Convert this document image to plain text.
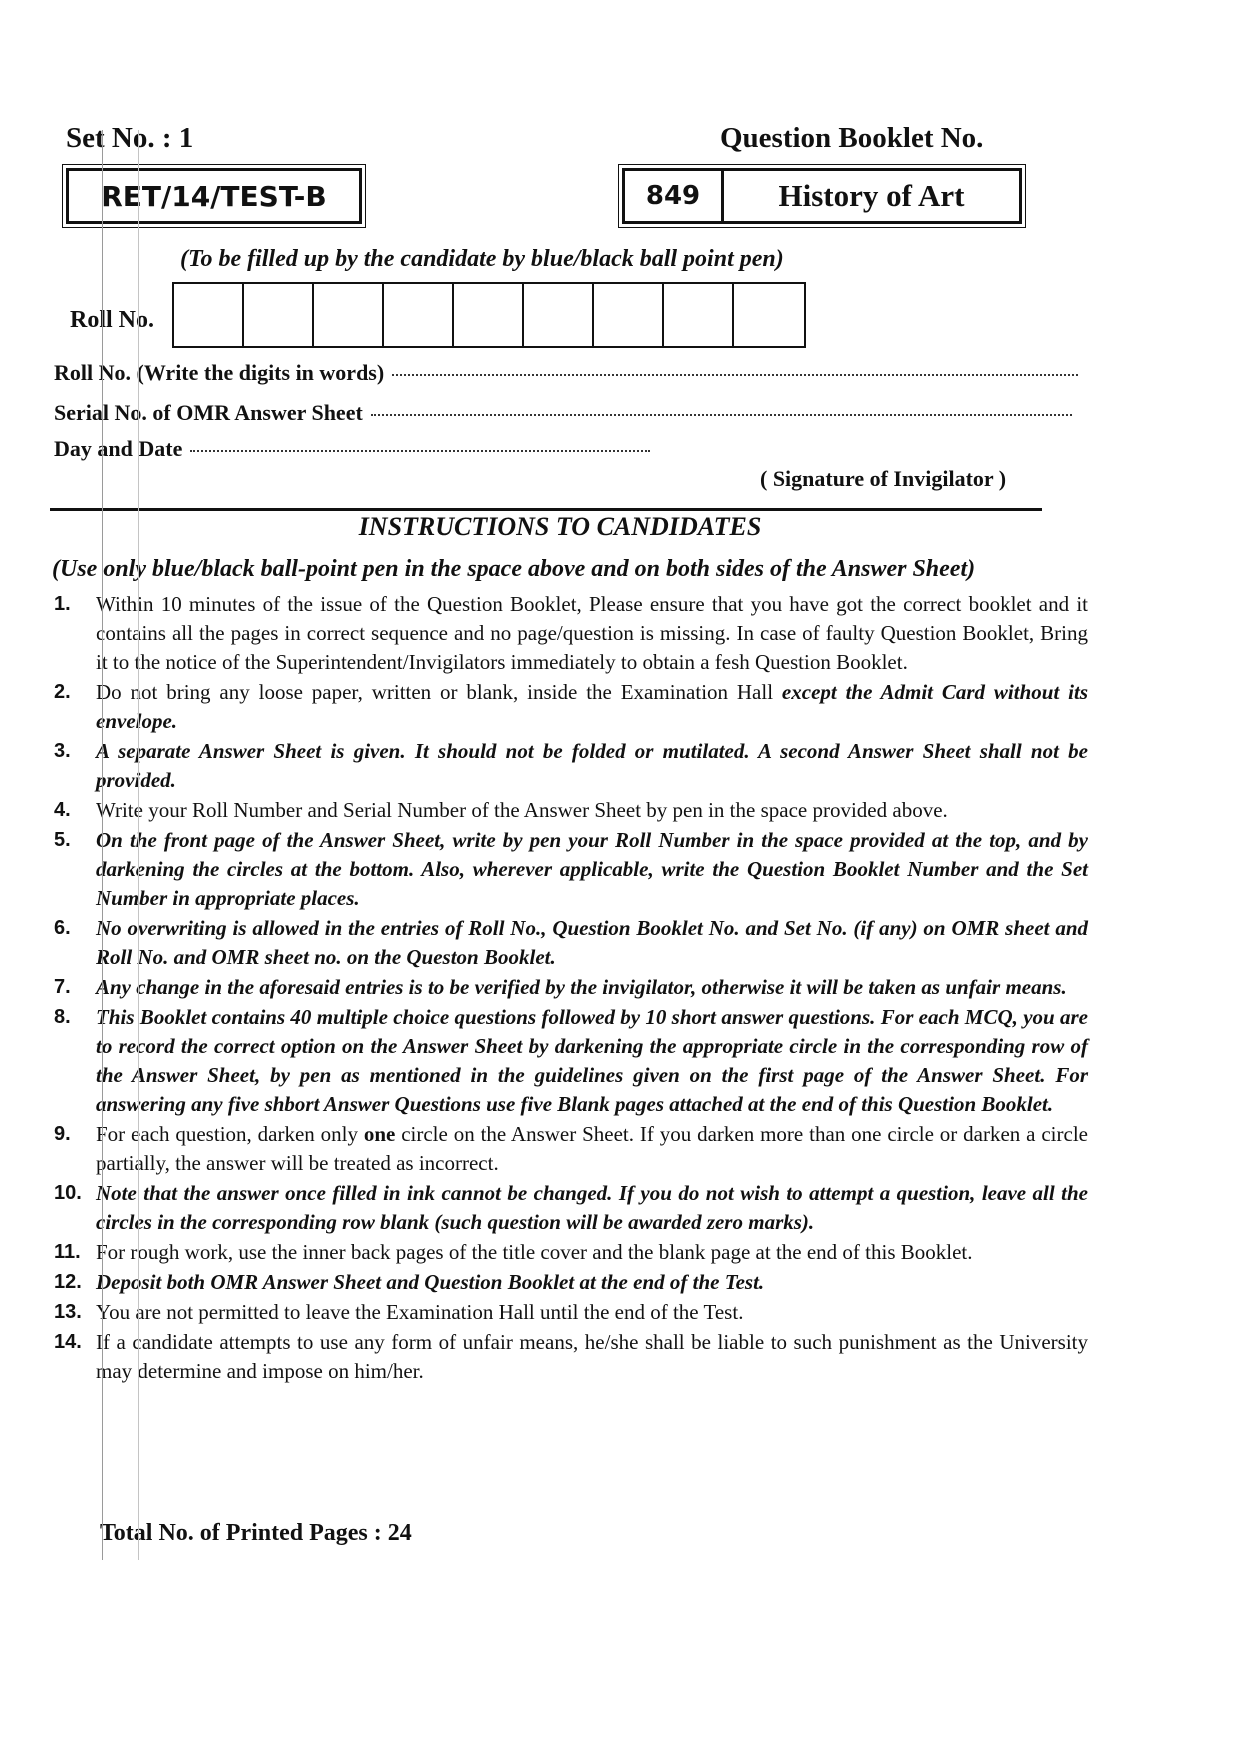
Set No. : 1	Question Booklet No.
RET/14/TEST-B	849	History of Art
(To be filled up by the candidate by blue/black ball point pen)
Roll No.
Roll No. (Write the digits in words)
Serial No. of OMR Answer Sheet
Day and Date
( Signature of Invigilator )
INSTRUCTIONS TO CANDIDATES
(Use only blue/black ball-point pen in the space above and on both sides of the Answer Sheet)
1.	Within 10 minutes of the issue of the Question Booklet, Please ensure that you have got the correct booklet and it contains all the pages in correct sequence and no page/question is missing. In case of faulty Question Booklet, Bring it to the notice of the Superintendent/Invigilators immediately to obtain a fesh Question Booklet.
2.	Do not bring any loose paper, written or blank, inside the Examination Hall except the Admit Card without its envelope.
3.	A separate Answer Sheet is given. It should not be folded or mutilated. A second Answer Sheet shall not be provided.
4.	Write your Roll Number and Serial Number of the Answer Sheet by pen in the space provided above.
5.	On the front page of the Answer Sheet, write by pen your Roll Number in the space provided at the top, and by darkening the circles at the bottom. Also, wherever applicable, write the Question Booklet Number and the Set Number in appropriate places.
6.	No overwriting is allowed in the entries of Roll No., Question Booklet No. and Set No. (if any) on OMR sheet and Roll No. and OMR sheet no. on the Queston Booklet.
7.	Any change in the aforesaid entries is to be verified by the invigilator, otherwise it will be taken as unfair means.
8.	This Booklet contains 40 multiple choice questions followed by 10 short answer questions. For each MCQ, you are to record the correct option on the Answer Sheet by darkening the appropriate circle in the corresponding row of the Answer Sheet, by pen as mentioned in the guidelines given on the first page of the Answer Sheet. For answering any five shbort Answer Questions use five Blank pages attached at the end of this Question Booklet.
9.	For each question, darken only one circle on the Answer Sheet. If you darken more than one circle or darken a circle partially, the answer will be treated as incorrect.
10. Note that the answer once filled in ink cannot be changed. If you do not wish to attempt a question, leave all the circles in the corresponding row blank (such question will be awarded zero marks).
11. For rough work, use the inner back pages of the title cover and the blank page at the end of this Booklet.
12. Deposit both OMR Answer Sheet and Question Booklet at the end of the Test.
13. You are not permitted to leave the Examination Hall until the end of the Test.
14. If a candidate attempts to use any form of unfair means, he/she shall be liable to such punishment as the University may determine and impose on him/her.
Total No. of Printed Pages : 24
